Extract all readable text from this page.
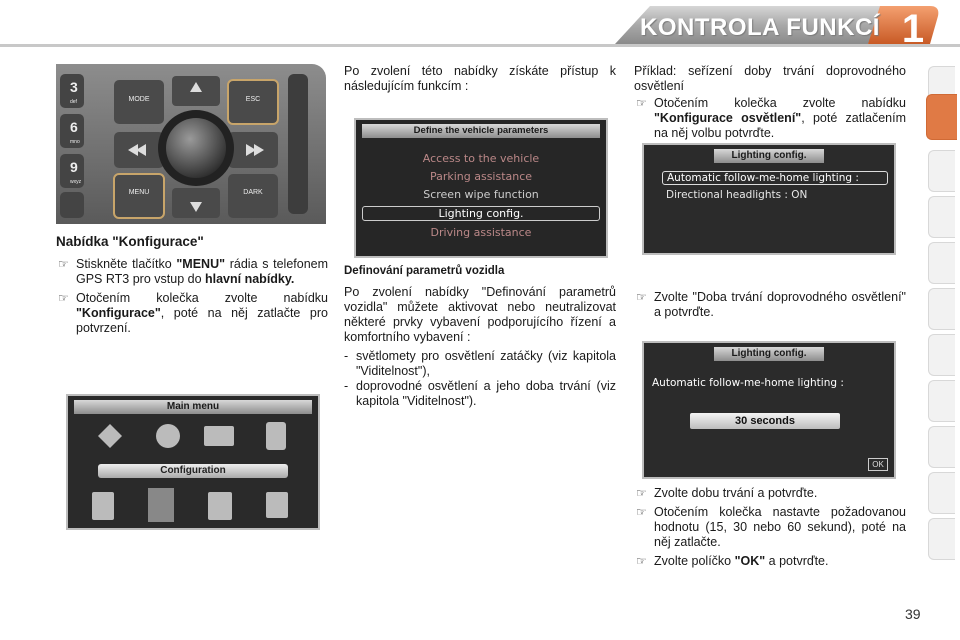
KONTROLA FUNKCÍ 1
MODE	ESC
MENU	DARK
3
def
6
mno
9
wxyz
Nabídka "Konfigurace"
☞ Stiskněte tlačítko "MENU" rádia s telefonem GPS RT3 pro vstup do hlavní nabídky.
☞ Otočením kolečka zvolte nabídku "Konfigurace", poté na něj zatlačte pro potvrzení.
Main menu
Configuration

Po zvolení této nabídky získáte přístup k následujícím funkcím :

Define the vehicle parameters
Access to the vehicle
Parking assistance
Screen wipe function
Lighting config.
Driving assistance
Definování parametrů vozidla

Po zvolení nabídky "Definování parametrů vozidla" můžete aktivovat nebo neutralizovat některé prvky vybavení podporujícího řízení a komfortního vybavení :

- světlomety pro osvětlení zatáčky (viz kapitola "Viditelnost"),
- doprovodné osvětlení a jeho doba trvání (viz kapitola "Viditelnost").

Příklad: seřízení doby trvání doprovodného osvětlení

☞ Otočením kolečka zvolte nabídku "Konfigurace osvětlení", poté zatlačením na něj volbu potvrďte.
Lighting config.
Automatic follow-me-home lighting :
Directional headlights : ON
☞ Zvolte "Doba trvání doprovodného osvětlení" a potvrďte.
Lighting config.
Automatic follow-me-home lighting :
30 seconds
OK
☞ Zvolte dobu trvání a potvrďte.
☞ Otočením kolečka nastavte požadovanou hodnotu (15, 30 nebo 60 sekund), poté na něj zatlačte.
☞ Zvolte políčko "OK" a potvrďte.
39
